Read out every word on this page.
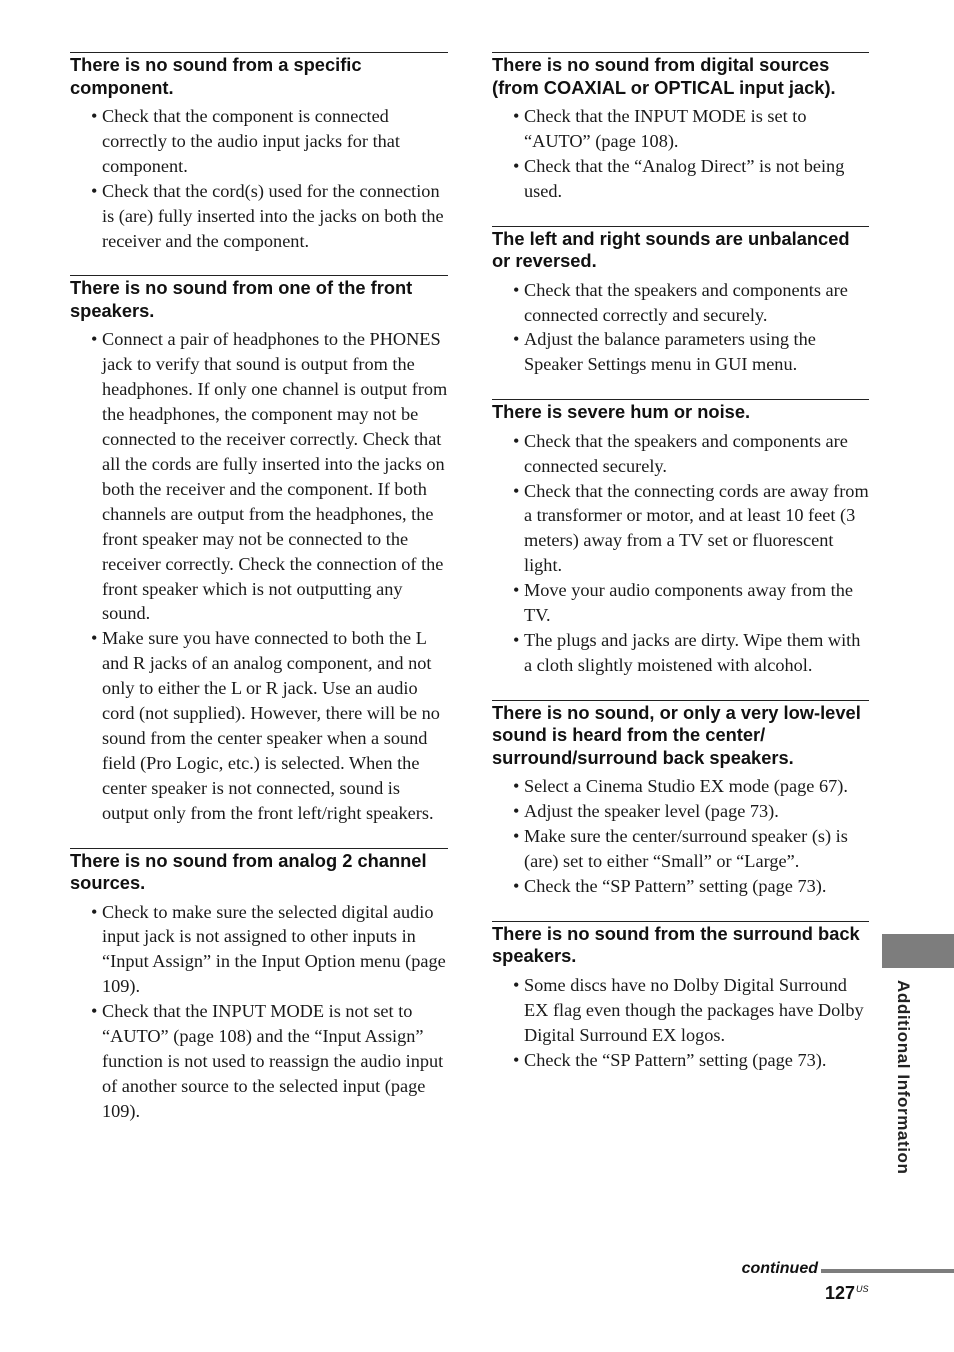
There is no sound from a specific component.
• Check that the component is connected correctly to the audio input jacks for that component.
• Check that the cord(s) used for the connection is (are) fully inserted into the jacks on both the receiver and the component.
There is no sound from one of the front speakers.
• Connect a pair of headphones to the PHONES jack to verify that sound is output from the headphones. If only one channel is output from the headphones, the component may not be connected to the receiver correctly. Check that all the cords are fully inserted into the jacks on both the receiver and the component. If both channels are output from the headphones, the front speaker may not be connected to the receiver correctly. Check the connection of the front speaker which is not outputting any sound.
• Make sure you have connected to both the L and R jacks of an analog component, and not only to either the L or R jack. Use an audio cord (not supplied). However, there will be no sound from the center speaker when a sound field (Pro Logic, etc.) is selected. When the center speaker is not connected, sound is output only from the front left/right speakers.
There is no sound from analog 2 channel sources.
• Check to make sure the selected digital audio input jack is not assigned to other inputs in “Input Assign” in the Input Option menu (page 109).
• Check that the INPUT MODE is not set to “AUTO” (page 108) and the “Input Assign” function is not used to reassign the audio input of another source to the selected input (page 109).
There is no sound from digital sources (from COAXIAL or OPTICAL input jack).
• Check that the INPUT MODE is set to “AUTO” (page 108).
• Check that the “Analog Direct” is not being used.
The left and right sounds are unbalanced or reversed.
• Check that the speakers and components are connected correctly and securely.
• Adjust the balance parameters using the Speaker Settings menu in GUI menu.
There is severe hum or noise.
• Check that the speakers and components are connected securely.
• Check that the connecting cords are away from a transformer or motor, and at least 10 feet (3 meters) away from a TV set or fluorescent light.
• Move your audio components away from the TV.
• The plugs and jacks are dirty. Wipe them with a cloth slightly moistened with alcohol.
There is no sound, or only a very low-level sound is heard from the center/ surround/surround back speakers.
• Select a Cinema Studio EX mode (page 67).
• Adjust the speaker level (page 73).
• Make sure the center/surround speaker (s) is (are) set to either “Small” or “Large”.
• Check the “SP Pattern” setting (page 73).
There is no sound from the surround back speakers.
• Some discs have no Dolby Digital Surround EX flag even though the packages have Dolby Digital Surround EX logos.
• Check the “SP Pattern” setting (page 73).	Additional Information
continued
$127^{US}$
